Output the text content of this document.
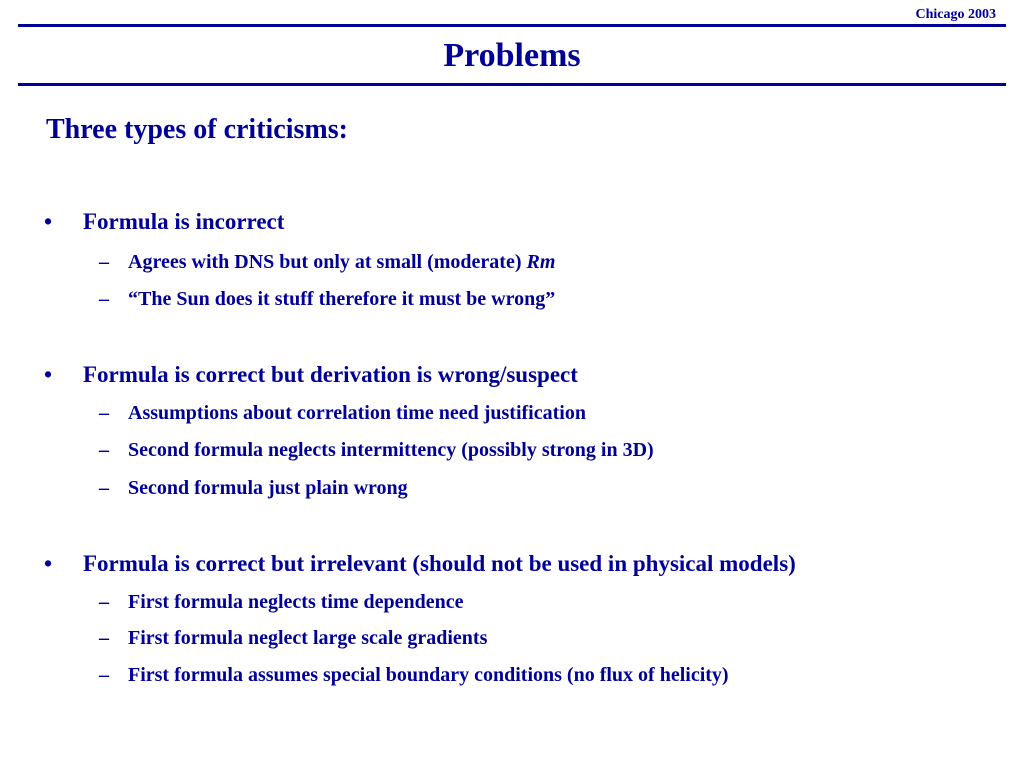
Chicago 2003
Problems
Three types of criticisms:
• Formula is incorrect
– Agrees with DNS but only at small (moderate) Rm
– “The Sun does it stuff therefore it must be wrong”
• Formula is correct but derivation is wrong/suspect
– Assumptions about correlation time need justification
– Second formula neglects intermittency (possibly strong in 3D)
– Second formula just plain wrong
• Formula is correct but irrelevant (should not be used in physical models)
– First formula neglects time dependence
– First formula neglect large scale gradients
– First formula assumes special boundary conditions (no flux of helicity)
